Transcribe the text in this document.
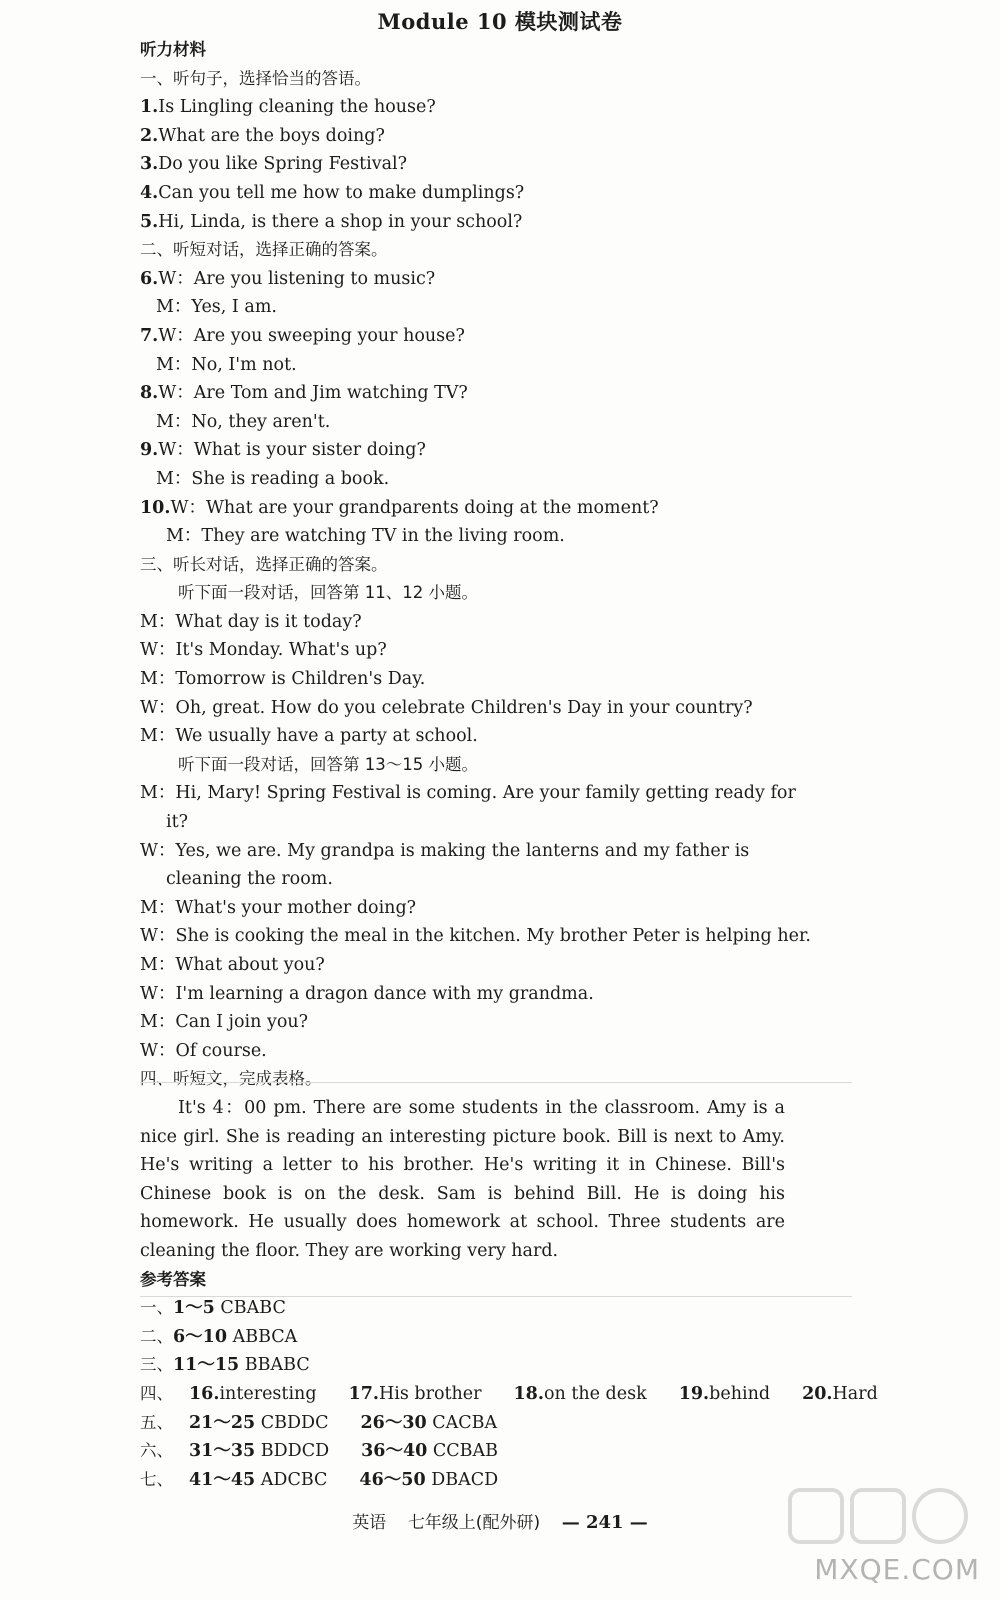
Module 10 模块测试卷
听力材料
一、听句子，选择恰当的答语。
1.Is Lingling cleaning the house?
2.What are the boys doing?
3.Do you like Spring Festival?
4.Can you tell me how to make dumplings?
5.Hi, Linda, is there a shop in your school?
二、听短对话，选择正确的答案。
6.W：Are you listening to music?
M：Yes, I am.
7.W：Are you sweeping your house?
M：No, I'm not.
8.W：Are Tom and Jim watching TV?
M：No, they aren't.
9.W：What is your sister doing?
M：She is reading a book.
10.W：What are your grandparents doing at the moment?
M：They are watching TV in the living room.
三、听长对话，选择正确的答案。
听下面一段对话，回答第 11、12 小题。
M：What day is it today?
W：It's Monday. What's up?
M：Tomorrow is Children's Day.
W：Oh, great. How do you celebrate Children's Day in your country?
M：We usually have a party at school.
听下面一段对话，回答第 13～15 小题。
M：Hi, Mary! Spring Festival is coming. Are your family getting ready for
it?
W：Yes, we are. My grandpa is making the lanterns and my father is
cleaning the room.
M：What's your mother doing?
W：She is cooking the meal in the kitchen. My brother Peter is helping her.
M：What about you?
W：I'm learning a dragon dance with my grandma.
M：Can I join you?
W：Of course.
四、听短文，完成表格。
It's 4：00 pm. There are some students in the classroom. Amy is a nice girl. She is reading an interesting picture book. Bill is next to Amy. He's writing a letter to his brother. He's writing it in Chinese. Bill's Chinese book is on the desk. Sam is behind Bill. He is doing his homework. He usually does homework at school. Three students are cleaning the floor. They are working very hard.
参考答案
一、1～5 CBABC
二、6～10 ABBCA
三、11～15 BBABC
四、 16.interesting	17.His brother	18.on the desk	19.behind	20.Hard
五、 21～25 CBDDC	26～30 CACBA
六、 31～35 BDDCD	36～40 CCBAB
七、 41～45 ADCBC	46～50 DBACD
英语 七年级上(配外研) — 241 —
MXQE.COM
